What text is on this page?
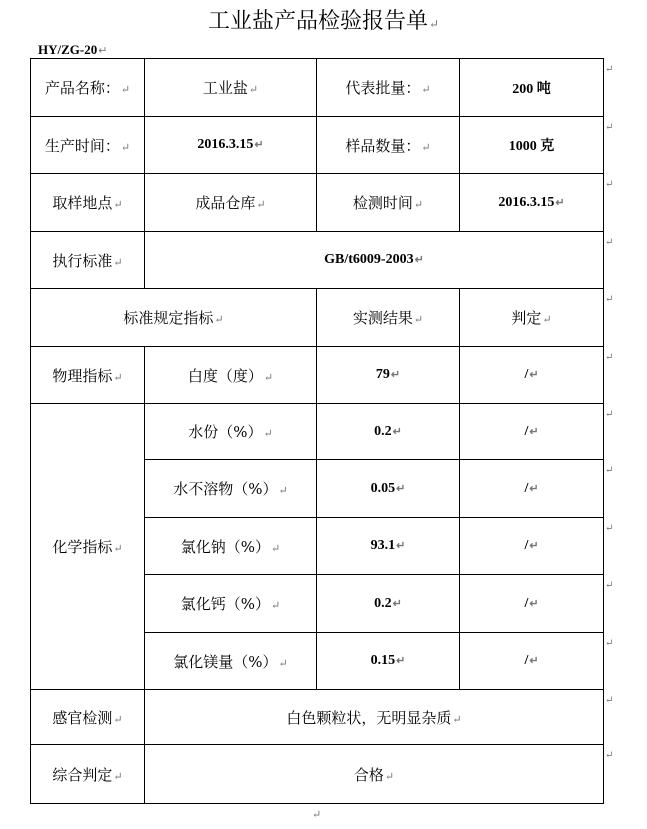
工业盐产品检验报告单↵
HY/ZG-20↵
产品名称：↵	工业盐↵	代表批量：↵	200 吨
生产时间：↵	2016.3.15↵	样品数量：↵	1000 克
取样地点↵	成品仓库↵	检测时间↵	2016.3.15↵
执行标准↵	GB/t6009-2003↵		
标准规定指标↵		实测结果↵	判定↵
物理指标↵	白度（度）↵	79↵	/↵
化学指标↵	水份（%）↵	0.2↵	/↵
	水不溶物（%）↵	0.05↵	/↵
	氯化钠（%）↵	93.1↵	/↵
	氯化钙（%）↵	0.2↵	/↵
	氯化镁量（%）↵	0.15↵	/↵
感官检测↵	白色颗粒状，无明显杂质↵		
综合判定↵	合格↵		
↵
↵
↵
↵
↵
↵
↵
↵
↵
↵
↵
↵
↵
↵
